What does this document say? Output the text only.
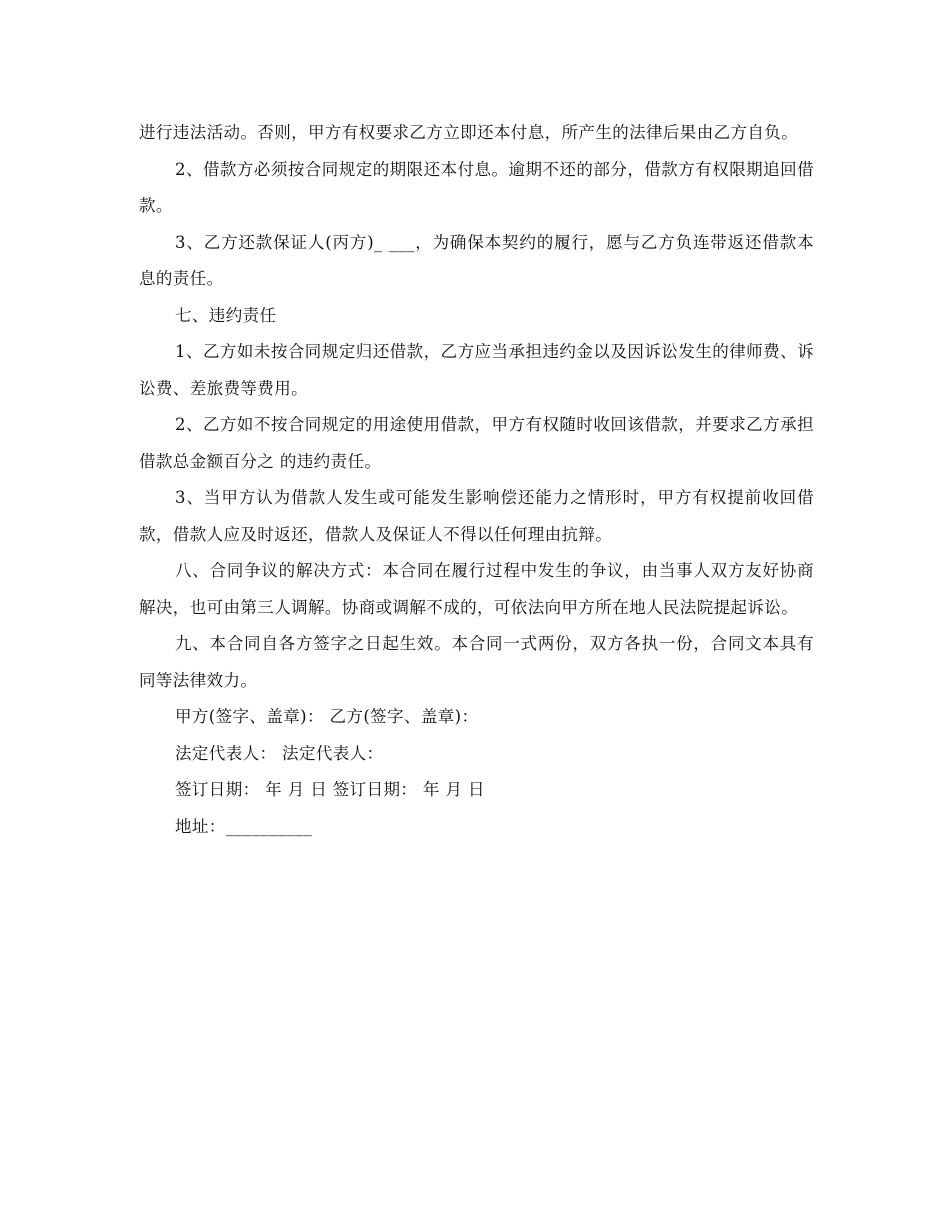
进行违法活动。否则，甲方有权要求乙方立即还本付息，所产生的法律后果由乙方自负。

2、借款方必须按合同规定的期限还本付息。逾期不还的部分，借款方有权限期追回借款。

3、乙方还款保证人(丙方)_ ___，为确保本契约的履行，愿与乙方负连带返还借款本息的责任。

七、违约责任

1、乙方如未按合同规定归还借款，乙方应当承担违约金以及因诉讼发生的律师费、诉讼费、差旅费等费用。

2、乙方如不按合同规定的用途使用借款，甲方有权随时收回该借款，并要求乙方承担借款总金额百分之 的违约责任。

3、当甲方认为借款人发生或可能发生影响偿还能力之情形时，甲方有权提前收回借款，借款人应及时返还，借款人及保证人不得以任何理由抗辩。

八、合同争议的解决方式：本合同在履行过程中发生的争议，由当事人双方友好协商解决，也可由第三人调解。协商或调解不成的，可依法向甲方所在地人民法院提起诉讼。

九、本合同自各方签字之日起生效。本合同一式两份，双方各执一份，合同文本具有同等法律效力。

甲方(签字、盖章)： 乙方(签字、盖章)：

法定代表人： 法定代表人：

签订日期： 年 月 日 签订日期： 年 月 日

地址：__________
